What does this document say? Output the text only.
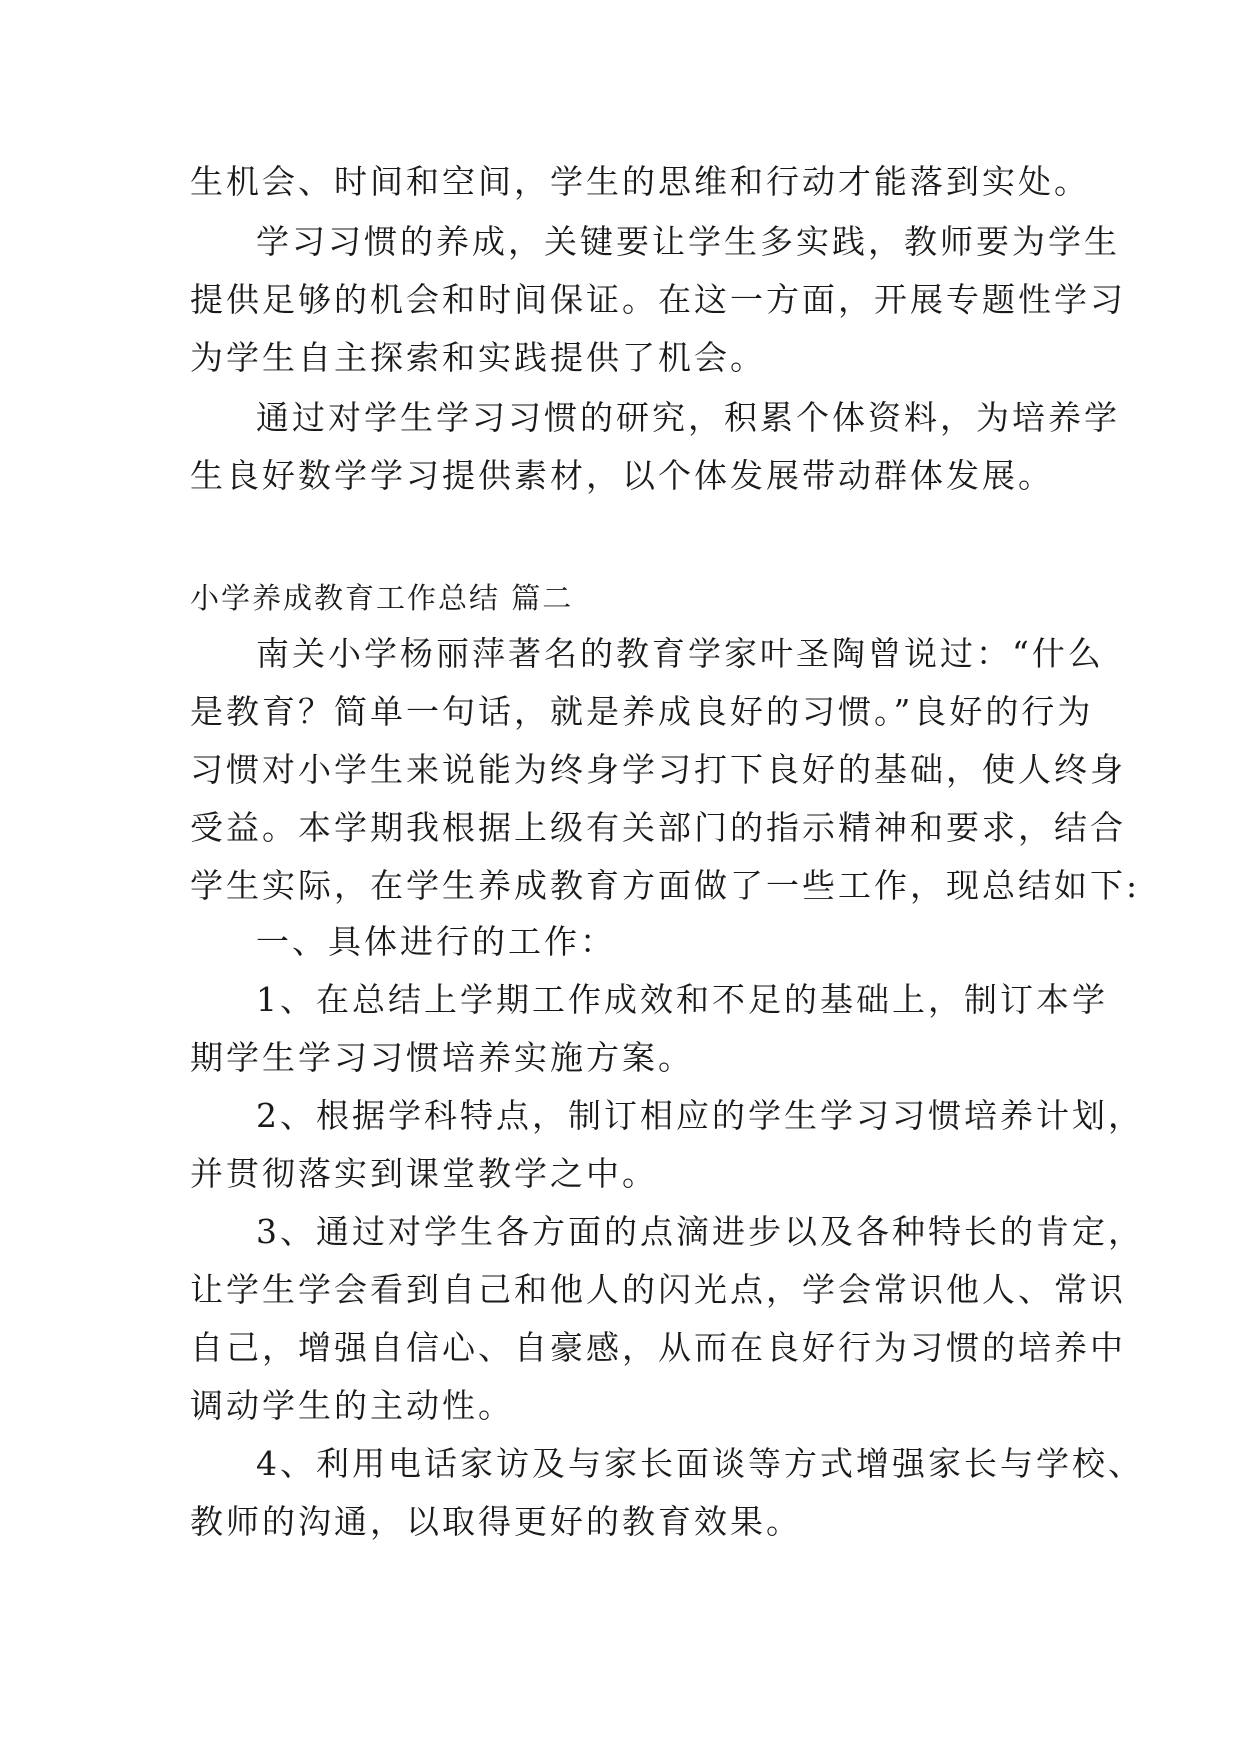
生机会、时间和空间，学生的思维和行动才能落到实处。
学习习惯的养成，关键要让学生多实践，教师要为学生
提供足够的机会和时间保证。在这一方面，开展专题性学习
为学生自主探索和实践提供了机会。
通过对学生学习习惯的研究，积累个体资料，为培养学
生良好数学学习提供素材，以个体发展带动群体发展。
小学养成教育工作总结 篇二
南关小学杨丽萍著名的教育学家叶圣陶曾说过：“什么
是教育？简单一句话，就是养成良好的习惯。”良好的行为
习惯对小学生来说能为终身学习打下良好的基础，使人终身
受益。本学期我根据上级有关部门的指示精神和要求，结合
学生实际，在学生养成教育方面做了一些工作，现总结如下:
一、具体进行的工作：
1、在总结上学期工作成效和不足的基础上，制订本学
期学生学习习惯培养实施方案。
2、根据学科特点，制订相应的学生学习习惯培养计划，
并贯彻落实到课堂教学之中。
3、通过对学生各方面的点滴进步以及各种特长的肯定，
让学生学会看到自己和他人的闪光点，学会常识他人、常识
自己，增强自信心、自豪感，从而在良好行为习惯的培养中
调动学生的主动性。
4、利用电话家访及与家长面谈等方式增强家长与学校、
教师的沟通，以取得更好的教育效果。
